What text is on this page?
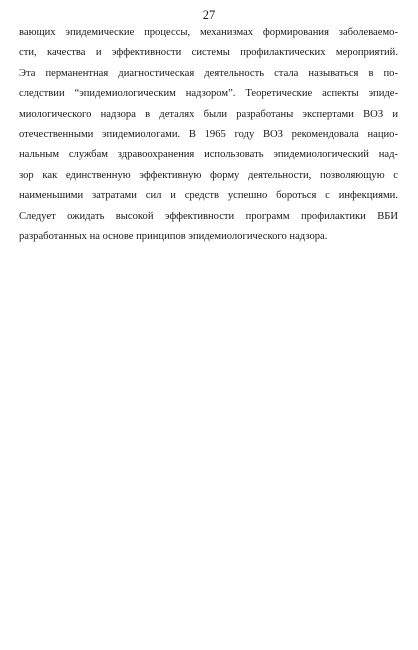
27
вающих эпидемические процессы, механизмах формирования заболеваемо-
сти, качества и эффективности системы профилактических мероприятий.
Эта перманентная диагностическая деятельность стала называться в по-
следствии “эпидемиологическим надзором”. Теоретические аспекты эпиде-
миологического надзора в деталях были разработаны экспертами ВОЗ и
отечественными эпидемиологами. В 1965 году ВОЗ рекомендовала нацио-
нальным службам здравоохранения использовать эпидемиологический над-
зор как единственную эффективную форму деятельности, позволяющую с
наименьшими затратами сил и средств успешно бороться с инфекциями.
Следует ожидать высокой эффективности программ профилактики ВБИ
разработанных на основе принципов эпидемиологического надзора.
